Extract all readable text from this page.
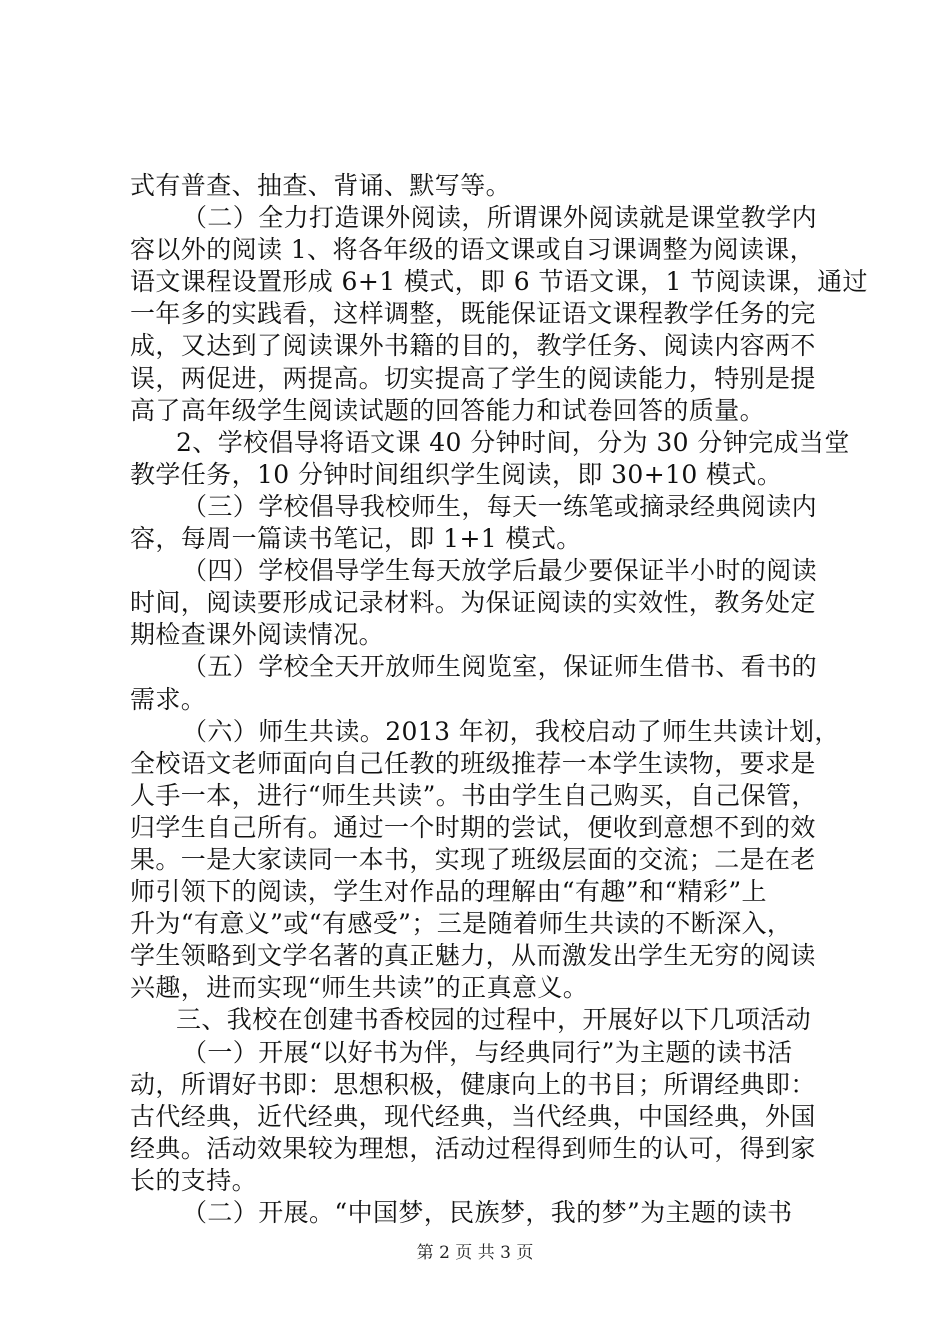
式有普查、抽查、背诵、默写等。
（二）全力打造课外阅读，所谓课外阅读就是课堂教学内
容以外的阅读 1、将各年级的语文课或自习课调整为阅读课，
语文课程设置形成 6+1 模式，即 6 节语文课，1 节阅读课，通过
一年多的实践看，这样调整，既能保证语文课程教学任务的完
成，又达到了阅读课外书籍的目的，教学任务、阅读内容两不
误，两促进，两提高。切实提高了学生的阅读能力，特别是提
高了高年级学生阅读试题的回答能力和试卷回答的质量。
2、学校倡导将语文课 40 分钟时间，分为 30 分钟完成当堂
教学任务，10 分钟时间组织学生阅读，即 30+10 模式。
（三）学校倡导我校师生，每天一练笔或摘录经典阅读内
容，每周一篇读书笔记，即 1+1 模式。
（四）学校倡导学生每天放学后最少要保证半小时的阅读
时间，阅读要形成记录材料。为保证阅读的实效性，教务处定
期检查课外阅读情况。
（五）学校全天开放师生阅览室，保证师生借书、看书的
需求。
（六）师生共读。2013 年初，我校启动了师生共读计划，
全校语文老师面向自己任教的班级推荐一本学生读物，要求是
人手一本，进行“师生共读”。书由学生自己购买，自己保管，
归学生自己所有。通过一个时期的尝试，便收到意想不到的效
果。一是大家读同一本书，实现了班级层面的交流；二是在老
师引领下的阅读，学生对作品的理解由“有趣”和“精彩”上
升为“有意义”或“有感受”；三是随着师生共读的不断深入，
学生领略到文学名著的真正魅力，从而激发出学生无穷的阅读
兴趣，进而实现“师生共读”的正真意义。
三、我校在创建书香校园的过程中，开展好以下几项活动
（一）开展“以好书为伴，与经典同行”为主题的读书活
动，所谓好书即：思想积极，健康向上的书目；所谓经典即：
古代经典，近代经典，现代经典，当代经典，中国经典，外国
经典。活动效果较为理想，活动过程得到师生的认可，得到家
长的支持。
（二）开展。“中国梦，民族梦，我的梦”为主题的读书
第 2 页 共 3 页
